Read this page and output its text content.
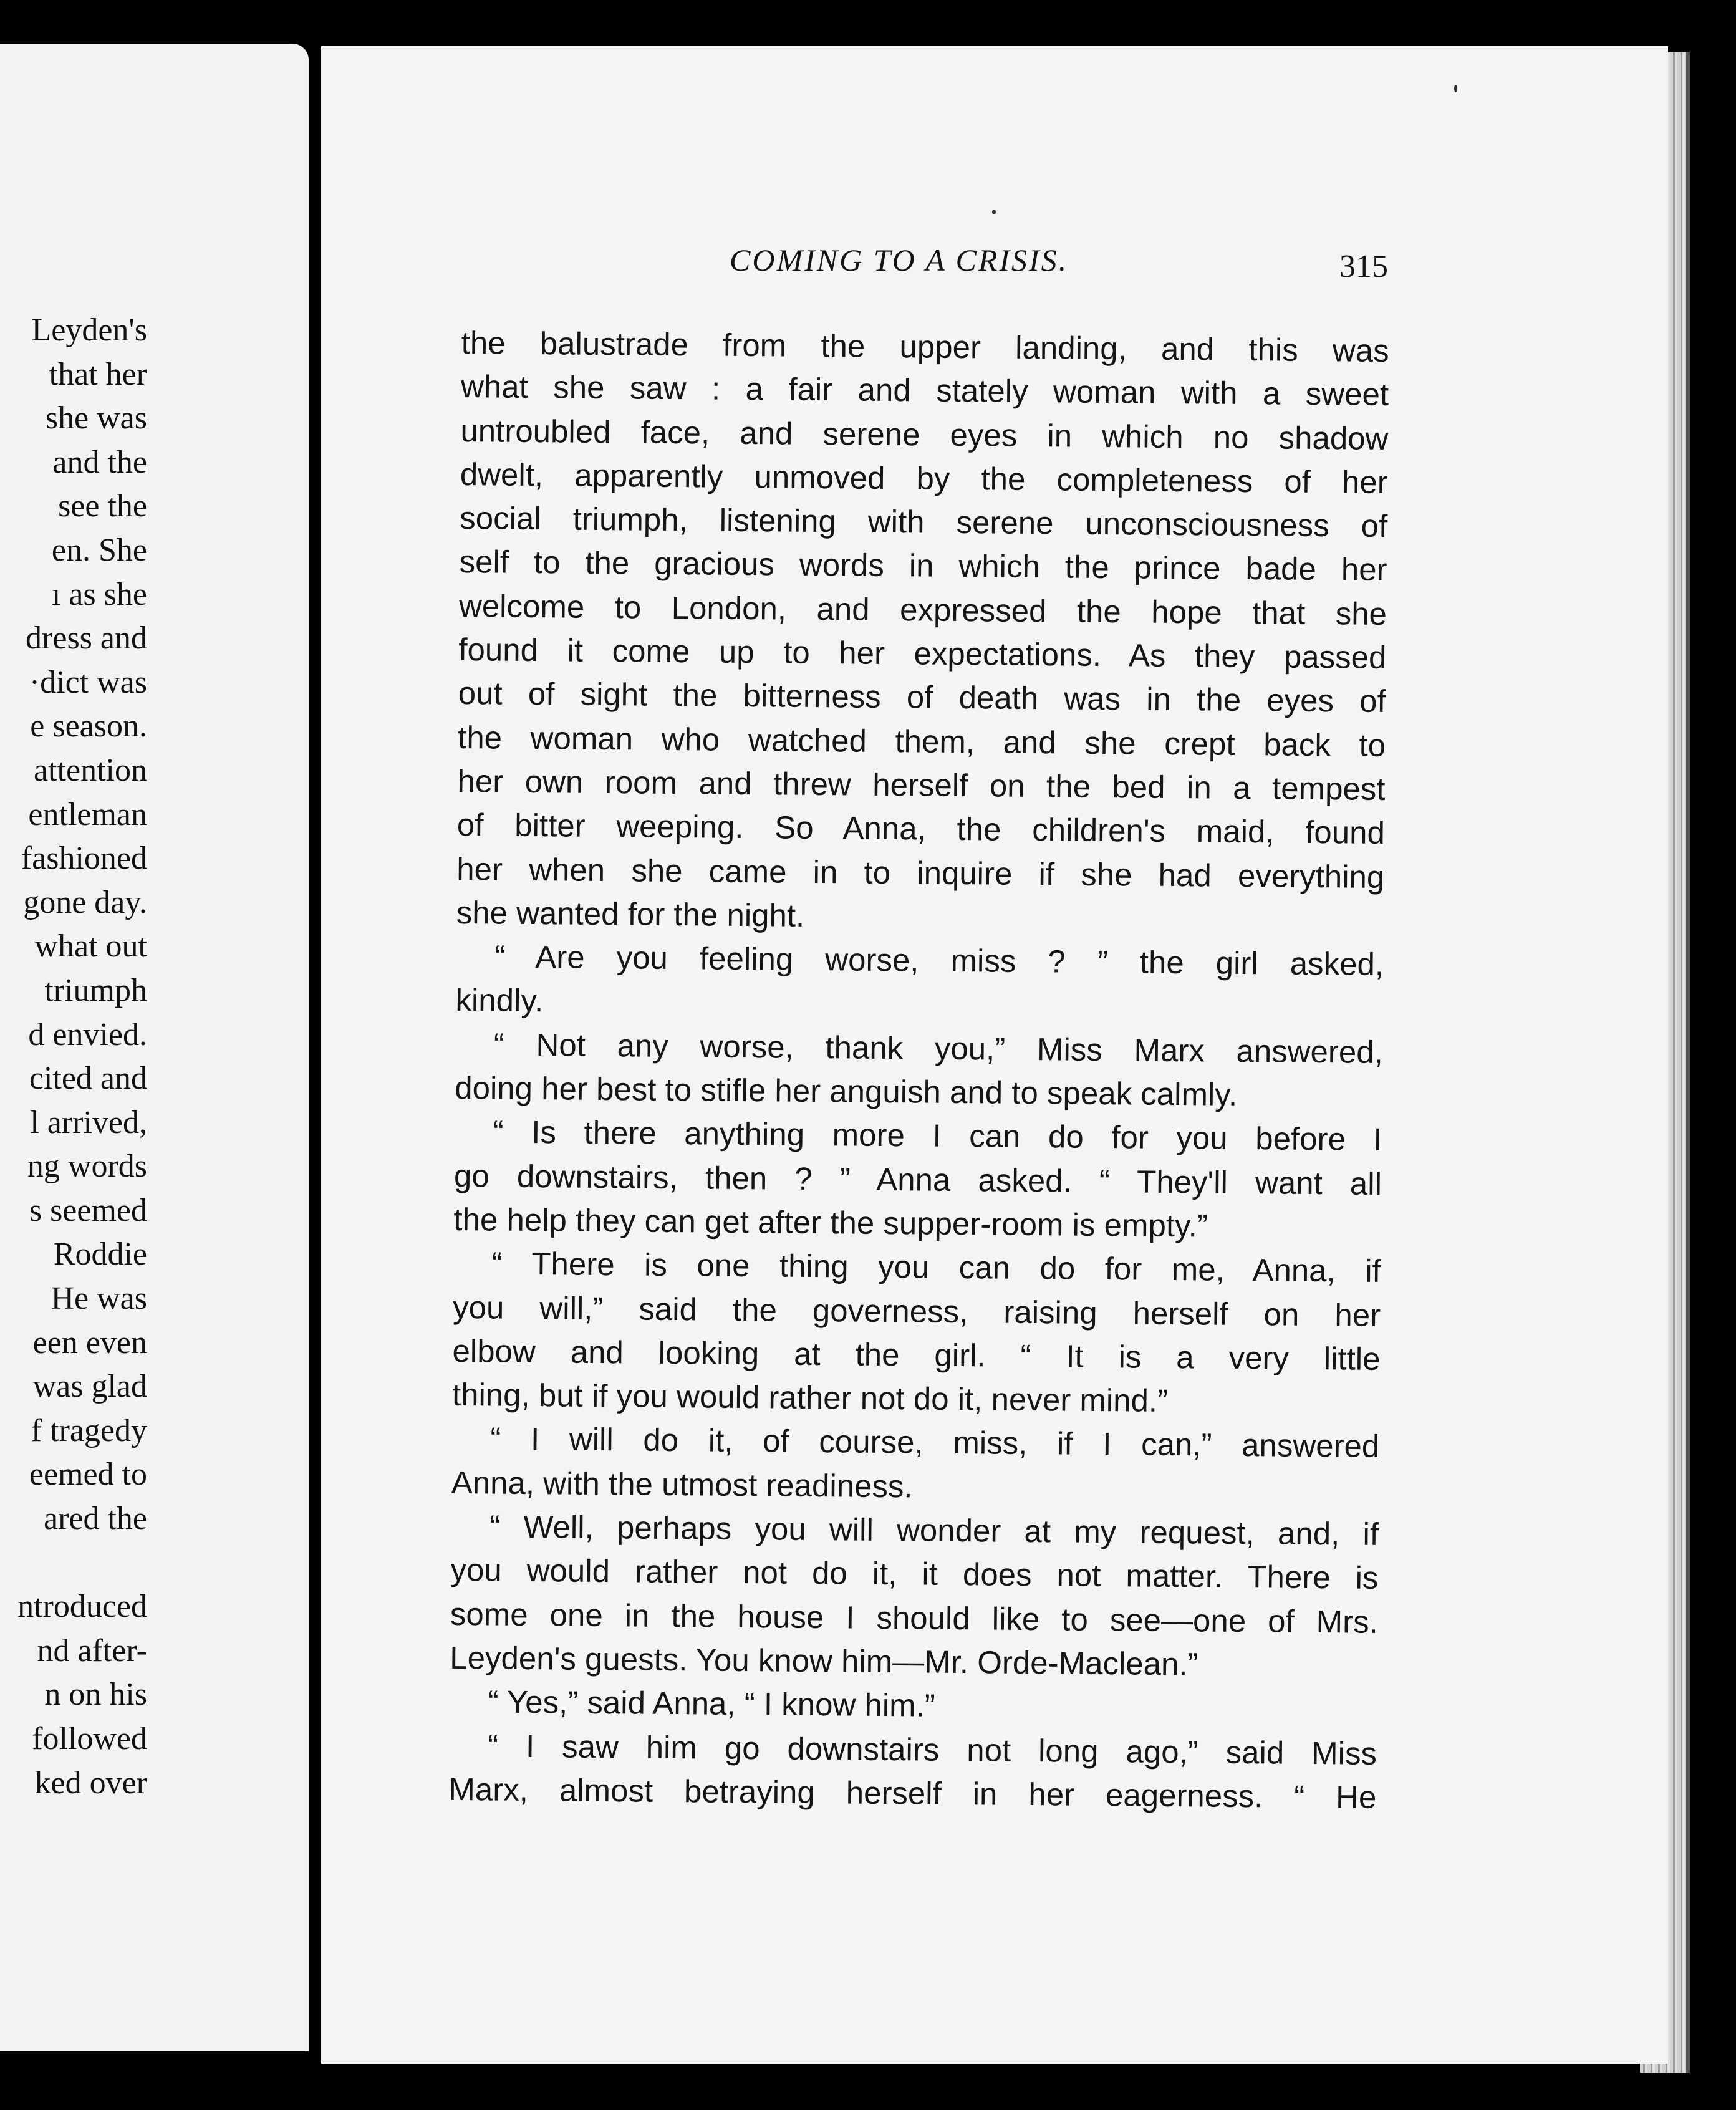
Leyden's
that her
she was
and the
see the
en. She
ı as she
dress and
·dict was
e season.
attention
entleman
fashioned
gone day.
what out
triumph
d envied.
cited and
l arrived,
ng words
s seemed
Roddie
He was
een even
was glad
f tragedy
eemed to
ared the
ntroduced
nd after-
n on his
followed
ked over
COMING TO A CRISIS.	315
the balustrade from the upper landing, and this was
what she saw : a fair and stately woman with a sweet
untroubled face, and serene eyes in which no shadow
dwelt, apparently unmoved by the completeness of her
social triumph, listening with serene unconsciousness of
self to the gracious words in which the prince bade her
welcome to London, and expressed the hope that she
found it come up to her expectations. As they passed
out of sight the bitterness of death was in the eyes of
the woman who watched them, and she crept back to
her own room and threw herself on the bed in a tempest
of bitter weeping. So Anna, the children's maid, found
her when she came in to inquire if she had everything
she wanted for the night.
“ Are you feeling worse, miss ? ” the girl asked,
kindly.
“ Not any worse, thank you,” Miss Marx answered,
doing her best to stifle her anguish and to speak calmly.
“ Is there anything more I can do for you before I
go downstairs, then ? ” Anna asked. “ They'll want all
the help they can get after the supper-room is empty.”
“ There is one thing you can do for me, Anna, if
you will,” said the governess, raising herself on her
elbow and looking at the girl. “ It is a very little
thing, but if you would rather not do it, never mind.”
“ I will do it, of course, miss, if I can,” answered
Anna, with the utmost readiness.
“ Well, perhaps you will wonder at my request, and, if
you would rather not do it, it does not matter. There is
some one in the house I should like to see—one of Mrs.
Leyden's guests. You know him—Mr. Orde-Maclean.”
“ Yes,” said Anna, “ I know him.”
“ I saw him go downstairs not long ago,” said Miss
Marx, almost betraying herself in her eagerness. “ He
